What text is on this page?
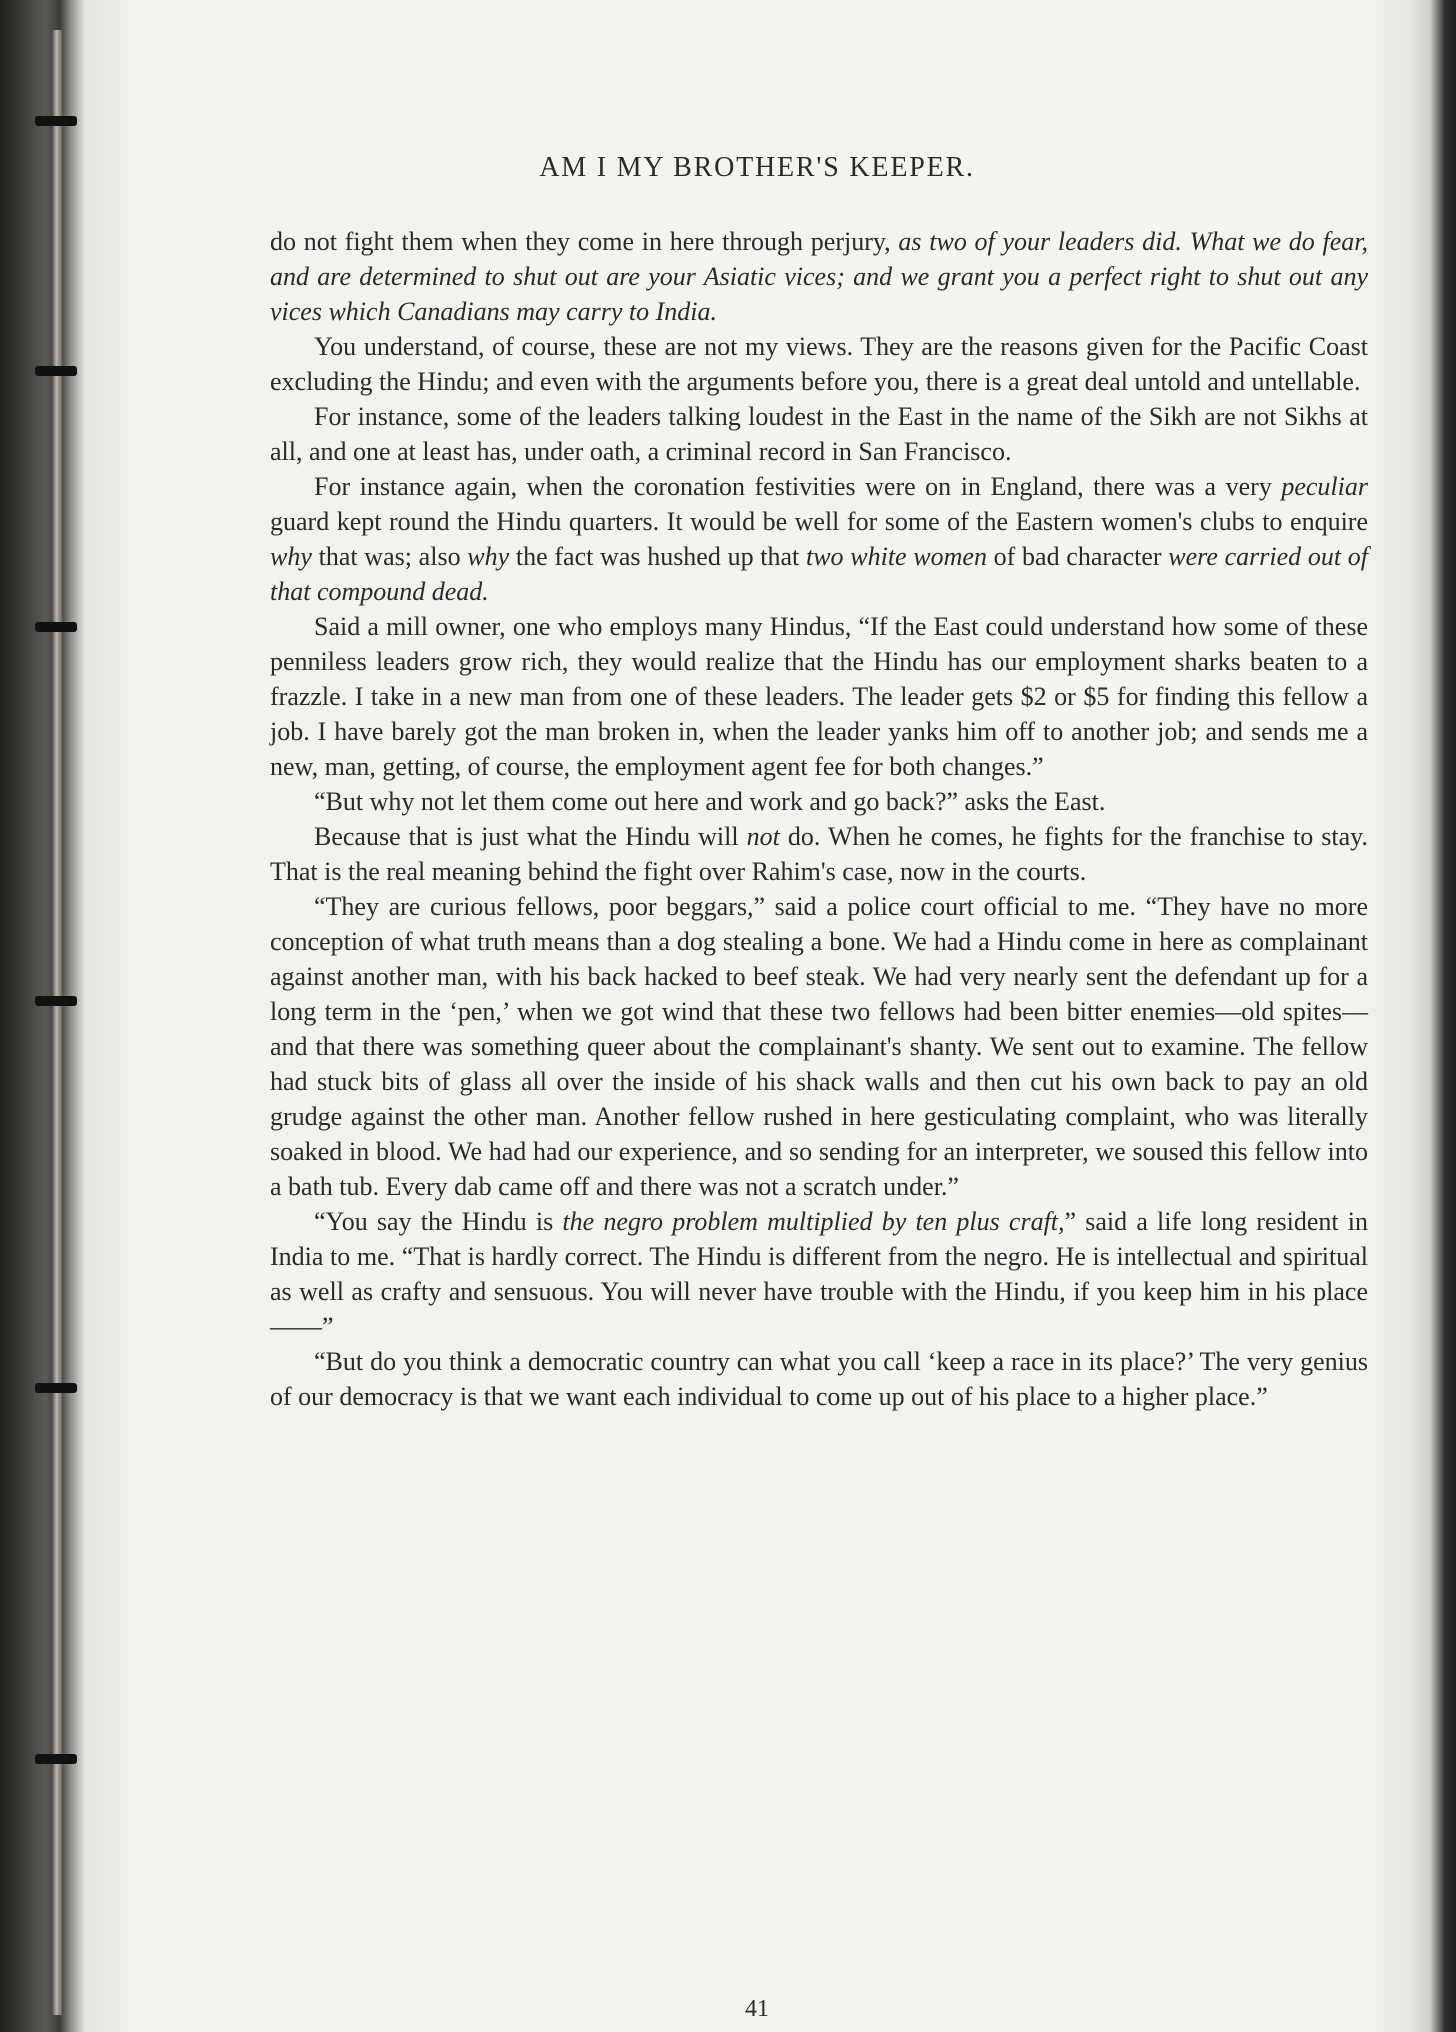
AM I MY BROTHER'S KEEPER.

do not fight them when they come in here through perjury, as two of your leaders did. What we do fear, and are determined to shut out are your Asiatic vices; and we grant you a perfect right to shut out any vices which Canadians may carry to India.

You understand, of course, these are not my views. They are the reasons given for the Pacific Coast excluding the Hindu; and even with the arguments before you, there is a great deal untold and untellable.

For instance, some of the leaders talking loudest in the East in the name of the Sikh are not Sikhs at all, and one at least has, under oath, a criminal record in San Francisco.

For instance again, when the coronation festivities were on in England, there was a very peculiar guard kept round the Hindu quarters. It would be well for some of the Eastern women's clubs to enquire why that was; also why the fact was hushed up that two white women of bad character were carried out of that compound dead.

Said a mill owner, one who employs many Hindus, “If the East could understand how some of these penniless leaders grow rich, they would realize that the Hindu has our employment sharks beaten to a frazzle. I take in a new man from one of these leaders. The leader gets $2 or $5 for finding this fellow a job. I have barely got the man broken in, when the leader yanks him off to another job; and sends me a new, man, getting, of course, the employment agent fee for both changes.”

“But why not let them come out here and work and go back?” asks the East.

Because that is just what the Hindu will not do. When he comes, he fights for the franchise to stay. That is the real meaning behind the fight over Rahim's case, now in the courts.

“They are curious fellows, poor beggars,” said a police court official to me. “They have no more conception of what truth means than a dog stealing a bone. We had a Hindu come in here as complainant against another man, with his back hacked to beef steak. We had very nearly sent the defendant up for a long term in the ‘pen,’ when we got wind that these two fellows had been bitter enemies—old spites—and that there was something queer about the complainant's shanty. We sent out to examine. The fellow had stuck bits of glass all over the inside of his shack walls and then cut his own back to pay an old grudge against the other man. Another fellow rushed in here gesticulating complaint, who was literally soaked in blood. We had had our experience, and so sending for an interpreter, we soused this fellow into a bath tub. Every dab came off and there was not a scratch under.”

“You say the Hindu is the negro problem multiplied by ten plus craft,” said a life long resident in India to me. “That is hardly correct. The Hindu is different from the negro. He is intellectual and spiritual as well as crafty and sensuous. You will never have trouble with the Hindu, if you keep him in his place——”

“But do you think a democratic country can what you call ‘keep a race in its place?’ The very genius of our democracy is that we want each individual to come up out of his place to a higher place.”

41
